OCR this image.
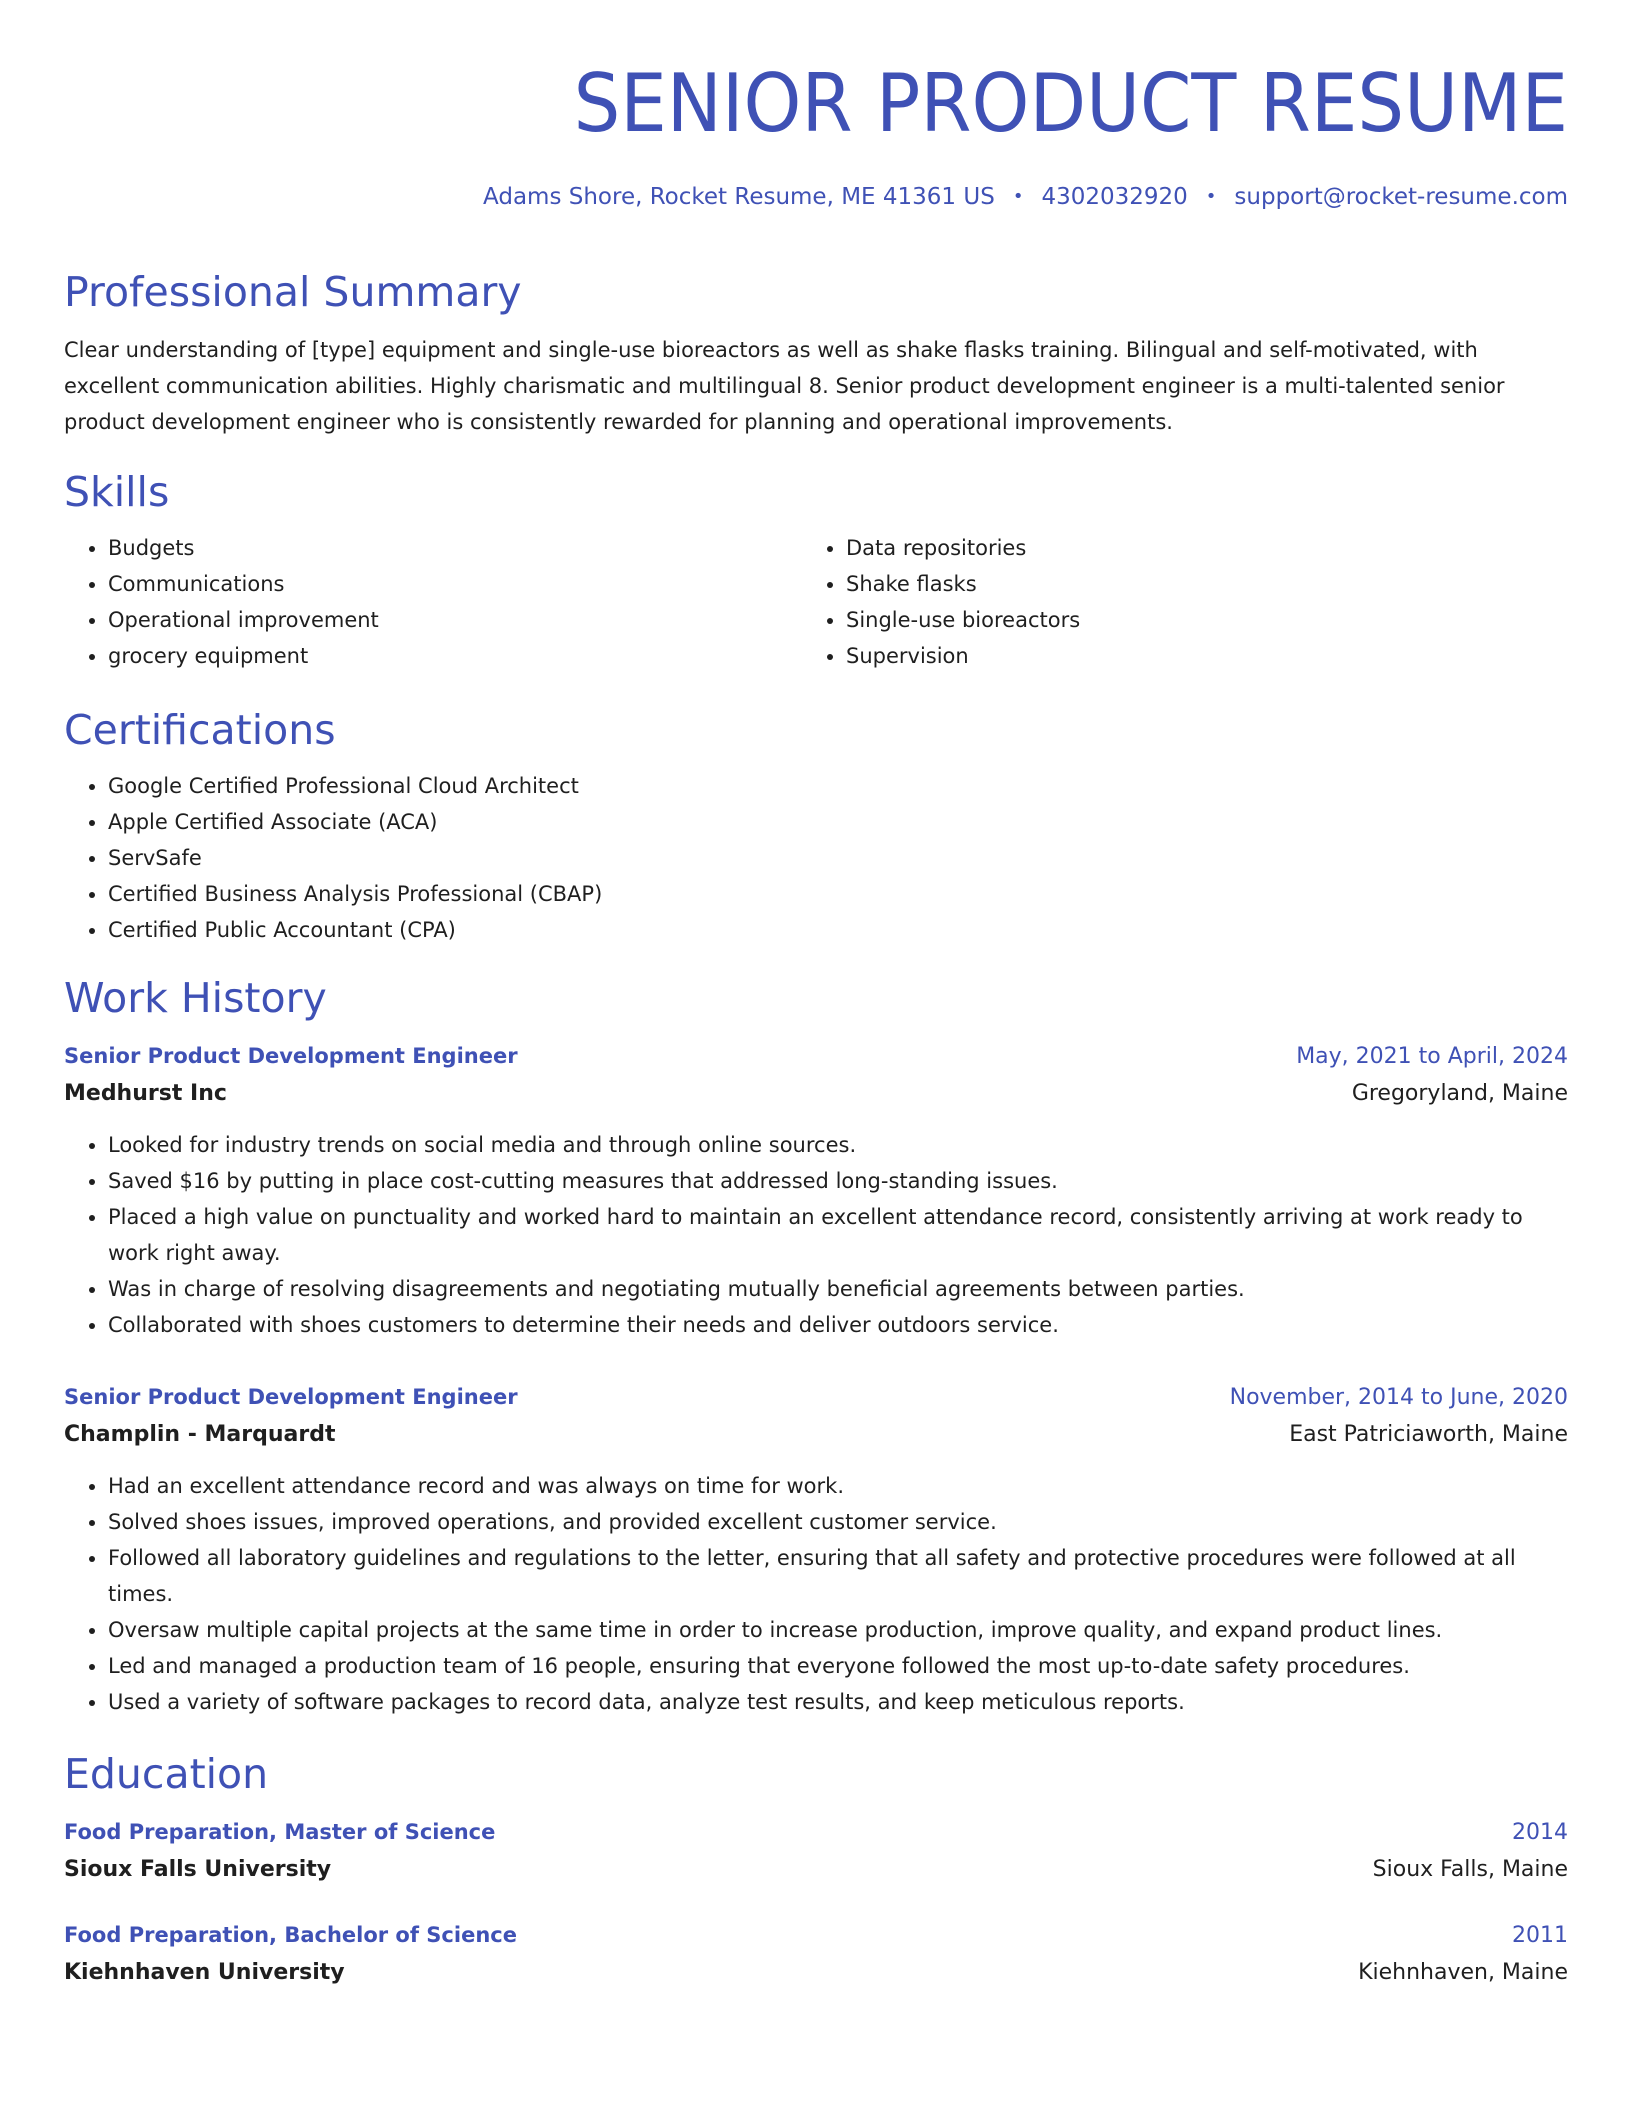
SENIOR PRODUCT RESUME
Adams Shore, Rocket Resume, ME 41361 US • 4302032920 • support@rocket-resume.com
Professional Summary

Clear understanding of [type] equipment and single-use bioreactors as well as shake flasks training. Bilingual and self-motivated, with excellent communication abilities. Highly charismatic and multilingual 8. Senior product development engineer is a multi-talented senior product development engineer who is consistently rewarded for planning and operational improvements.

Skills
• Budgets
• Communications
• Operational improvement
• grocery equipment
• Data repositories
• Shake flasks
• Single-use bioreactors
• Supervision
Certifications
• Google Certified Professional Cloud Architect
• Apple Certified Associate (ACA)
• ServSafe
• Certified Business Analysis Professional (CBAP)
• Certified Public Accountant (CPA)
Work History
Senior Product Development Engineer	May, 2021 to April, 2024
Medhurst Inc	Gregoryland, Maine
• Looked for industry trends on social media and through online sources.
• Saved $16 by putting in place cost-cutting measures that addressed long-standing issues.
• Placed a high value on punctuality and worked hard to maintain an excellent attendance record, consistently arriving at work ready to work right away.
• Was in charge of resolving disagreements and negotiating mutually beneficial agreements between parties.
• Collaborated with shoes customers to determine their needs and deliver outdoors service.
Senior Product Development Engineer	November, 2014 to June, 2020
Champlin - Marquardt	East Patriciaworth, Maine
• Had an excellent attendance record and was always on time for work.
• Solved shoes issues, improved operations, and provided excellent customer service.
• Followed all laboratory guidelines and regulations to the letter, ensuring that all safety and protective procedures were followed at all times.
• Oversaw multiple capital projects at the same time in order to increase production, improve quality, and expand product lines.
• Led and managed a production team of 16 people, ensuring that everyone followed the most up-to-date safety procedures.
• Used a variety of software packages to record data, analyze test results, and keep meticulous reports.
Education
Food Preparation, Master of Science	2014
Sioux Falls University	Sioux Falls, Maine
Food Preparation, Bachelor of Science	2011
Kiehnhaven University	Kiehnhaven, Maine
